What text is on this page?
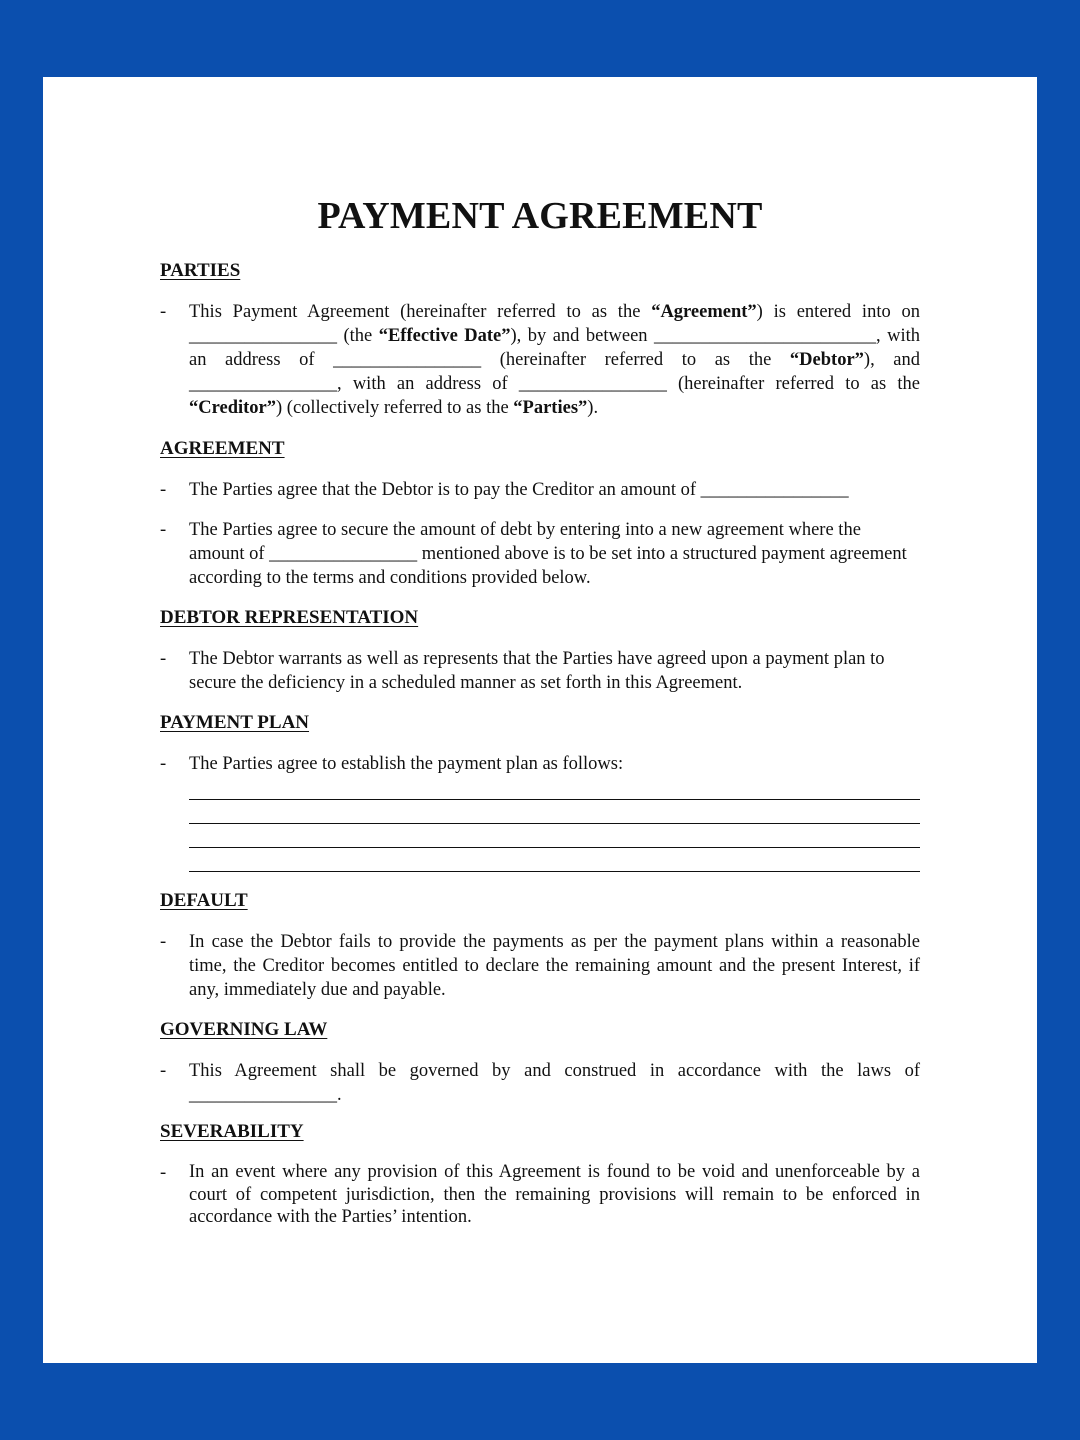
PAYMENT AGREEMENT
PARTIES
-	This Payment Agreement (hereinafter referred to as the “Agreement”) is entered into on ________________ (the “Effective Date”), by and between ________________________, with an address of ________________ (hereinafter referred to as the “Debtor”), and ________________, with an address of ________________ (hereinafter referred to as the “Creditor”) (collectively referred to as the “Parties”).
AGREEMENT
-	The Parties agree that the Debtor is to pay the Creditor an amount of ________________
-	The Parties agree to secure the amount of debt by entering into a new agreement where the amount of ________________ mentioned above is to be set into a structured payment agreement according to the terms and conditions provided below.
DEBTOR REPRESENTATION
-	The Debtor warrants as well as represents that the Parties have agreed upon a payment plan to secure the deficiency in a scheduled manner as set forth in this Agreement.
PAYMENT PLAN
-	The Parties agree to establish the payment plan as follows:
DEFAULT
-	In case the Debtor fails to provide the payments as per the payment plans within a reasonable time, the Creditor becomes entitled to declare the remaining amount and the present Interest, if any, immediately due and payable.
GOVERNING LAW
-	This Agreement shall be governed by and construed in accordance with the laws of ________________.
SEVERABILITY
-	In an event where any provision of this Agreement is found to be void and unenforceable by a court of competent jurisdiction, then the remaining provisions will remain to be enforced in accordance with the Parties’ intention.
